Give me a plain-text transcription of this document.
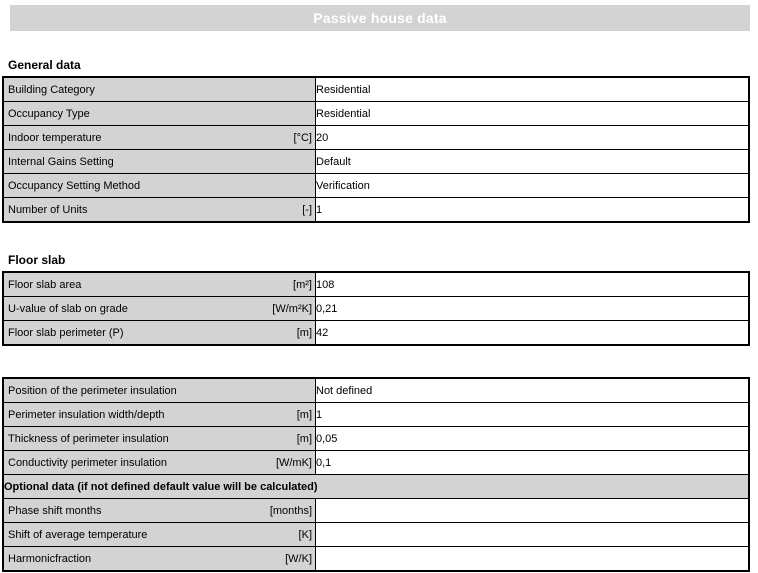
Passive house data
General data
Building Category	Residential

Occupancy Type	Residential

Indoor temperature [°C]	20

Internal Gains Setting	Default

Occupancy Setting Method	Verification

Number of Units [-]	1
Floor slab
Floor slab area [m²]	108

U-value of slab on grade [W/m²K]	0,21

Floor slab perimeter (P) [m]	42
Position of the perimeter insulation	Not defined

Perimeter insulation width/depth [m]	1

Thickness of perimeter insulation [m]	0,05

Conductivity perimeter insulation [W/mK]	0,1
Optional data (if not defined default value will be calculated)	

Phase shift months [months]	

Shift of average temperature [K]	

Harmonicfraction [W/K]	
